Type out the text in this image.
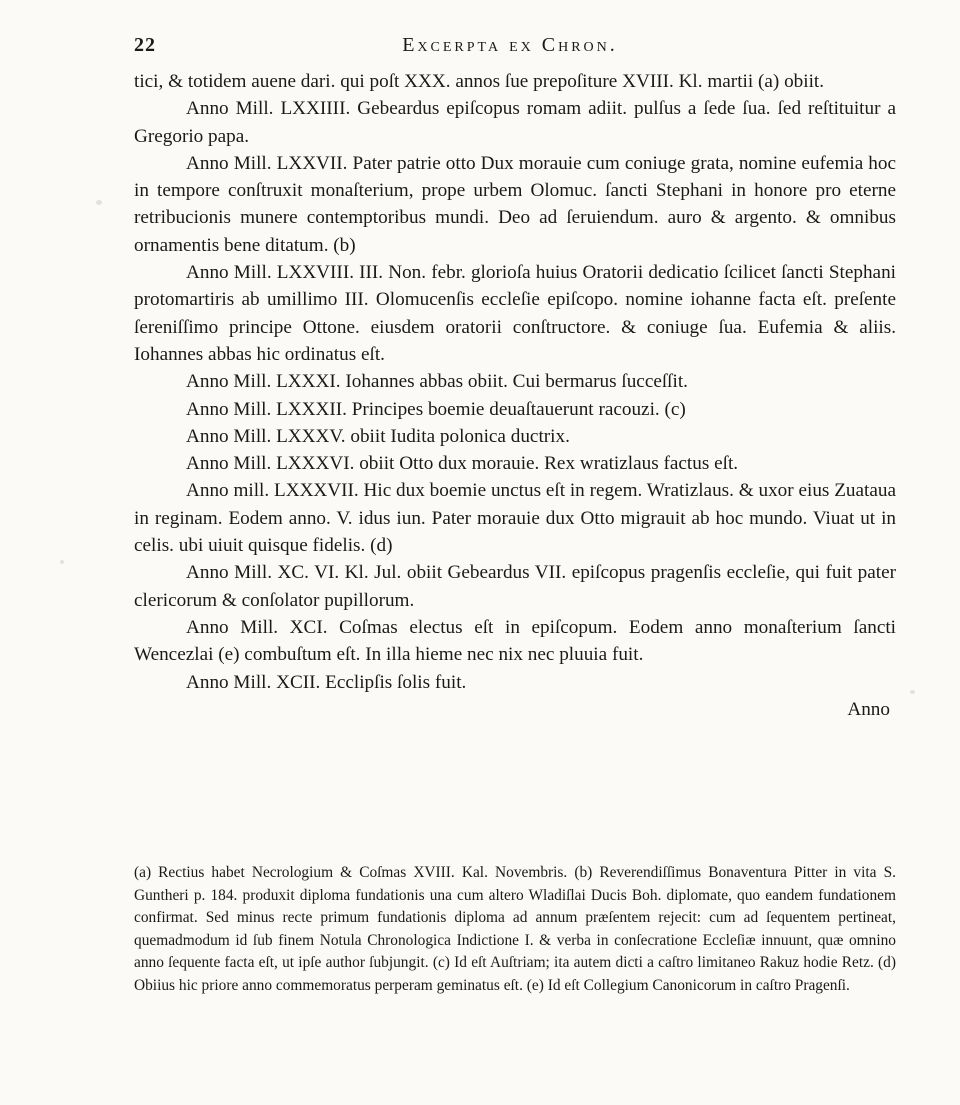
22	Excerpta ex Chron.

tici, & totidem auene dari. qui poſt XXX. annos ſue prepoſiture XVIII. Kl. martii (a) obiit.

Anno Mill. LXXIIII. Gebeardus epiſcopus romam adiit. pulſus a ſede ſua. ſed reſtituitur a Gregorio papa.

Anno Mill. LXXVII. Pater patrie otto Dux morauie cum coniuge grata, nomine eufemia hoc in tempore conſtruxit monaſterium, prope urbem Olomuc. ſancti Stephani in honore pro eterne retribucionis munere contemptoribus mundi. Deo ad ſeruiendum. auro & argento. & omnibus ornamentis bene ditatum. (b)

Anno Mill. LXXVIII. III. Non. febr. glorioſa huius Oratorii dedicatio ſcilicet ſancti Stephani protomartiris ab umillimo III. Olomucenſis eccleſie epiſcopo. nomine iohanne facta eſt. preſente ſereniſſimo principe Ottone. eiusdem oratorii conſtructore. & coniuge ſua. Eufemia & aliis. Iohannes abbas hic ordinatus eſt.

Anno Mill. LXXXI. Iohannes abbas obiit. Cui bermarus ſucceſſit.

Anno Mill. LXXXII. Principes boemie deuaſtauerunt racouzi. (c)

Anno Mill. LXXXV. obiit Iudita polonica ductrix.

Anno Mill. LXXXVI. obiit Otto dux morauie. Rex wratizlaus factus eſt.

Anno mill. LXXXVII. Hic dux boemie unctus eſt in regem. Wratizlaus. & uxor eius Zuataua in reginam. Eodem anno. V. idus iun. Pater morauie dux Otto migrauit ab hoc mundo. Viuat ut in celis. ubi uiuit quisque fidelis. (d)

Anno Mill. XC. VI. Kl. Jul. obiit Gebeardus VII. epiſcopus pragenſis eccleſie, qui fuit pater clericorum & conſolator pupillorum.

Anno Mill. XCI. Coſmas electus eſt in epiſcopum. Eodem anno monaſterium ſancti Wencezlai (e) combuſtum eſt. In illa hieme nec nix nec pluuia fuit.

Anno Mill. XCII. Ecclipſis ſolis fuit.

Anno

(a) Rectius habet Necrologium & Coſmas XVIII. Kal. Novembris. (b) Reverendiſſimus Bonaventura Pitter in vita S. Guntheri p. 184. produxit diploma fundationis una cum altero Wladiſlai Ducis Boh. diplomate, quo eandem fundationem confirmat. Sed minus recte primum fundationis diploma ad annum præſentem rejecit: cum ad ſequentem pertineat, quemadmodum id ſub finem Notula Chronologica Indictione I. & verba in conſecratione Eccleſiæ innuunt, quæ omnino anno ſequente facta eſt, ut ipſe author ſubjungit. (c) Id eſt Auſtriam; ita autem dicti a caſtro limitaneo Rakuz hodie Retz. (d) Obiius hic priore anno commemoratus perperam geminatus eſt. (e) Id eſt Collegium Canonicorum in caſtro Pragenſi.
